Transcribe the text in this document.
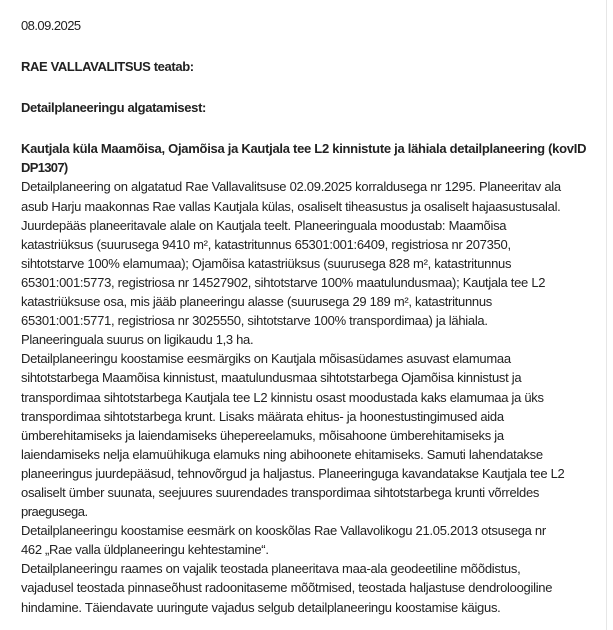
08.09.2025
RAE VALLAVALITSUS teatab:
Detailplaneeringu algatamisest:
Kautjala küla Maamõisa, Ojamõisa ja Kautjala tee L2 kinnistute ja lähiala detailplaneering (kovID
DP1307)
Detailplaneering on algatatud Rae Vallavalitsuse 02.09.2025 korraldusega nr 1295. Planeeritav ala
asub Harju maakonnas Rae vallas Kautjala külas, osaliselt tiheasustus ja osaliselt hajaasustusalal.
Juurdepääs planeeritavale alale on Kautjala teelt. Planeeringuala moodustab: Maamõisa
katastriüksus (suurusega 9410 m², katastritunnus 65301:001:6409, registriosa nr 207350,
sihtotstarve 100% elamumaa); Ojamõisa katastriüksus (suurusega 828 m², katastritunnus
65301:001:5773, registriosa nr 14527902, sihtotstarve 100% maatulundusmaa); Kautjala tee L2
katastriüksuse osa, mis jääb planeeringu alasse (suurusega 29 189 m², katastritunnus
65301:001:5771, registriosa nr 3025550, sihtotstarve 100% transpordimaa) ja lähiala.
Planeeringuala suurus on ligikaudu 1,3 ha.
Detailplaneeringu koostamise eesmärgiks on Kautjala mõisasüdames asuvast elamumaa
sihtotstarbega Maamõisa kinnistust, maatulundusmaa sihtotstarbega Ojamõisa kinnistust ja
transpordimaa sihtotstarbega Kautjala tee L2 kinnistu osast moodustada kaks elamumaa ja üks
transpordimaa sihtotstarbega krunt. Lisaks määrata ehitus- ja hoonestustingimused aida
ümberehitamiseks ja laiendamiseks ühepereelamuks, mõisahoone ümberehitamiseks ja
laiendamiseks nelja elamuühikuga elamuks ning abihoonete ehitamiseks. Samuti lahendatakse
planeeringus juurdepääsud, tehnovõrgud ja haljastus. Planeeringuga kavandatakse Kautjala tee L2
osaliselt ümber suunata, seejuures suurendades transpordimaa sihtotstarbega krunti võrreldes
praegusega.
Detailplaneeringu koostamise eesmärk on kooskõlas Rae Vallavolikogu 21.05.2013 otsusega nr
462 „Rae valla üldplaneeringu kehtestamine“.
Detailplaneeringu raames on vajalik teostada planeeritava maa-ala geodeetiline mõõdistus,
vajadusel teostada pinnaseõhust radoonitaseme mõõtmised, teostada haljastuse dendroloogiline
hindamine. Täiendavate uuringute vajadus selgub detailplaneeringu koostamise käigus.
